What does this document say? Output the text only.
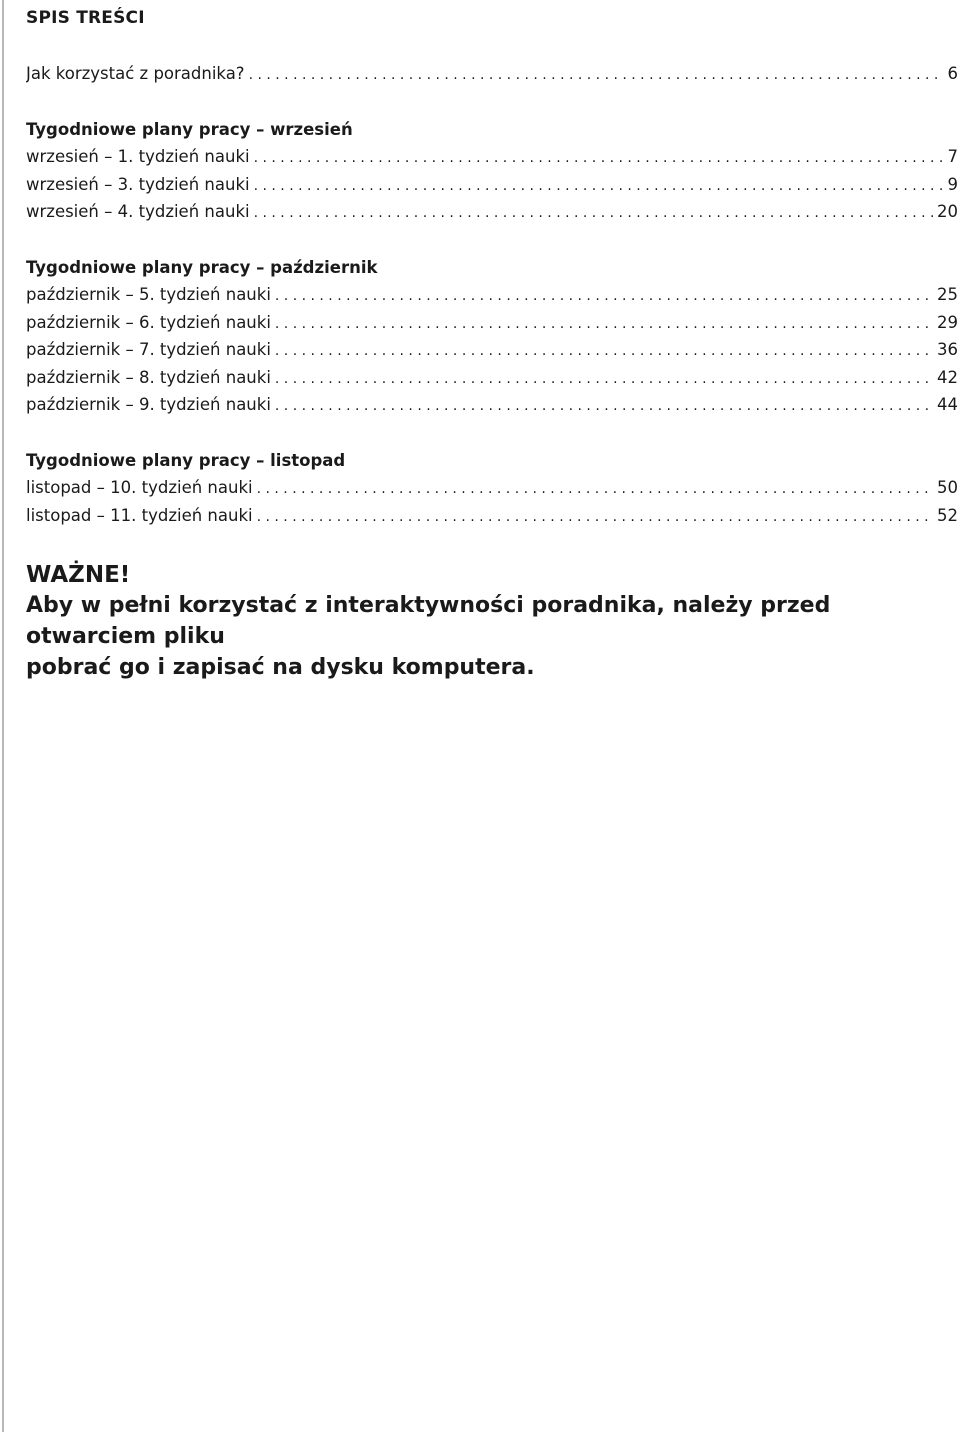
SPIS TREŚCI
Jak korzystać z poradnika? . . .	6
Tygodniowe plany pracy – wrzesień
wrzesień – 1. tydzień nauki . . .	7
wrzesień – 3. tydzień nauki . . .	9
wrzesień – 4. tydzień nauki . . .	20
Tygodniowe plany pracy – październik
październik – 5. tydzień nauki . . .	25
październik – 6. tydzień nauki . . .	29
październik – 7. tydzień nauki . . .	36
październik – 8. tydzień nauki . . .	42
październik – 9. tydzień nauki . . .	44
Tygodniowe plany pracy – listopad
listopad – 10. tydzień nauki . . .	50
listopad – 11. tydzień nauki . . .	52
WAŻNE!
Aby w pełni korzystać z interaktywności poradnika, należy przed otwarciem pliku
pobrać go i zapisać na dysku komputera.
